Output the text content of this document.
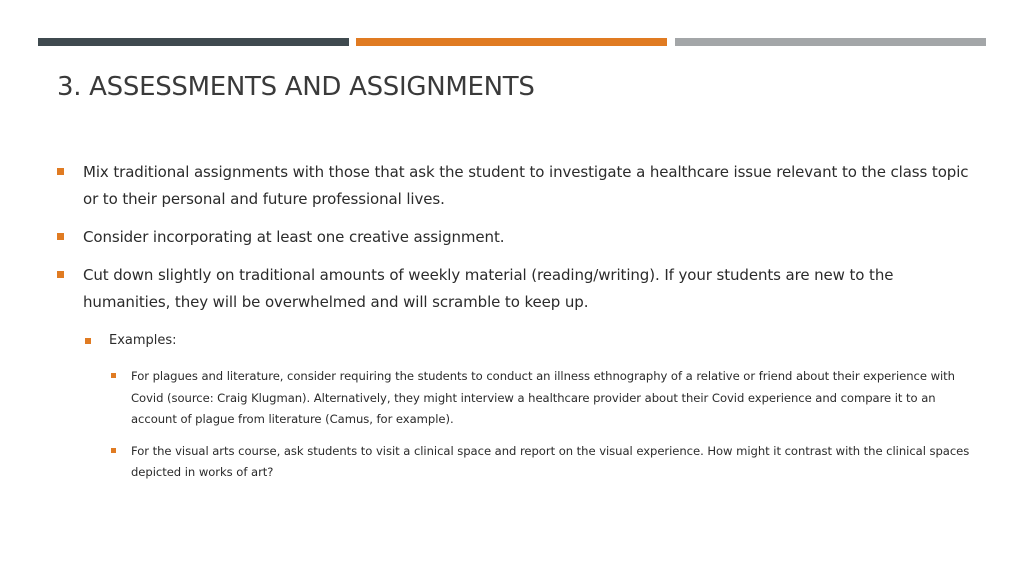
3. ASSESSMENTS AND ASSIGNMENTS
Mix traditional assignments with those that ask the student to investigate a healthcare issue relevant to the class topic or to their personal and future professional lives.
Consider incorporating at least one creative assignment.
Cut down slightly on traditional amounts of weekly material (reading/writing). If your students are new to the humanities, they will be overwhelmed and will scramble to keep up.
Examples:
For plagues and literature, consider requiring the students to conduct an illness ethnography of a relative or friend about their experience with Covid (source: Craig Klugman). Alternatively, they might interview a healthcare provider about their Covid experience and compare it to an account of plague from literature (Camus, for example).
For the visual arts course, ask students to visit a clinical space and report on the visual experience. How might it contrast with the clinical spaces depicted in works of art?
